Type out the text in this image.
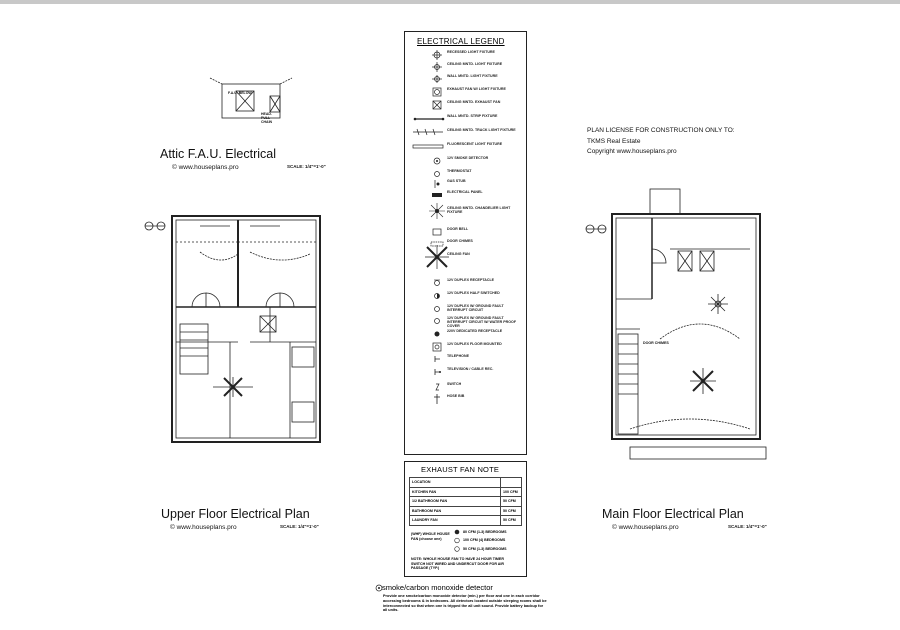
F.A.U. BELOW
HEAD. PULL CHAIN
Attic F.A.U. Electrical
© www.houseplans.pro	SCALE: 1/4"=1'-0"
Upper Floor Electrical Plan
© www.houseplans.pro	SCALE: 1/4"=1'-0"
ELECTRICAL LEGEND
RECESSED LIGHT FIXTURE
CEILING MNTD. LIGHT FIXTURE
WALL MNTD. LIGHT FIXTURE
EXHAUST FAN W/ LIGHT FIXTURE
CEILING MNTD. EXHAUST FAN
WALL MNTD. STRIP FIXTURE
CEILING MNTD. TRACK LIGHT FIXTURE
FLUORESCENT LIGHT FIXTURE
12V SMOKE DETECTOR
THERMOSTAT
GAS STUB
ELECTRICAL PANEL
CEILING MNTD. CHANDELIER LIGHT FIXTURE
DOOR BELL
DOOR CHIMES
CEILING FAN
12V DUPLEX RECEPTACLE
12V DUPLEX HALF SWITCHED
12V DUPLEX W/ GROUND FAULT INTERRUPT CIRCUIT
12V DUPLEX W/ GROUND FAULT INTERRUPT CIRCUIT W/ WATER PROOF COVER
220V DEDICATED RECEPTACLE
12V DUPLEX FLOOR MOUNTED
TELEPHONE
TELEVISION / CABLE REC.
SWITCH
HOSE BIB
EXHAUST FAN NOTE
LOCATION	
KITCHEN FAN	100 CFM
1/2 BATHROOM FAN	50 CFM
BATHROOM FAN	50 CFM
LAUNDRY FAN	50 CFM
(WHF) WHOLE HOUSE FAN (choose one)
80 CFM (1-3) BEDROOMS
100 CFM (4) BEDROOMS
50 CFM (1-3) BEDROOMS
NOTE: WHOLE HOUSE FAN TO HAVE 24 HOUR TIMER SWITCH NOT WIRED AND UNDERCUT DOOR FOR AIR PASSAGE (TYP.)
smoke/carbon monoxide detector
Provide one smoke/carbon monoxide detector (min.) per floor and one in each corridor accessing bedrooms & in bedrooms. All detectors located outside sleeping rooms shall be interconnected so that when one is tripped the all unit sound. Provide battery backup for all units.
PLAN LICENSE FOR CONSTRUCTION ONLY TO:
TKMS Real Estate
Copyright www.houseplans.pro
DOOR CHIMES
Main Floor Electrical Plan
© www.houseplans.pro	SCALE: 1/4"=1'-0"
